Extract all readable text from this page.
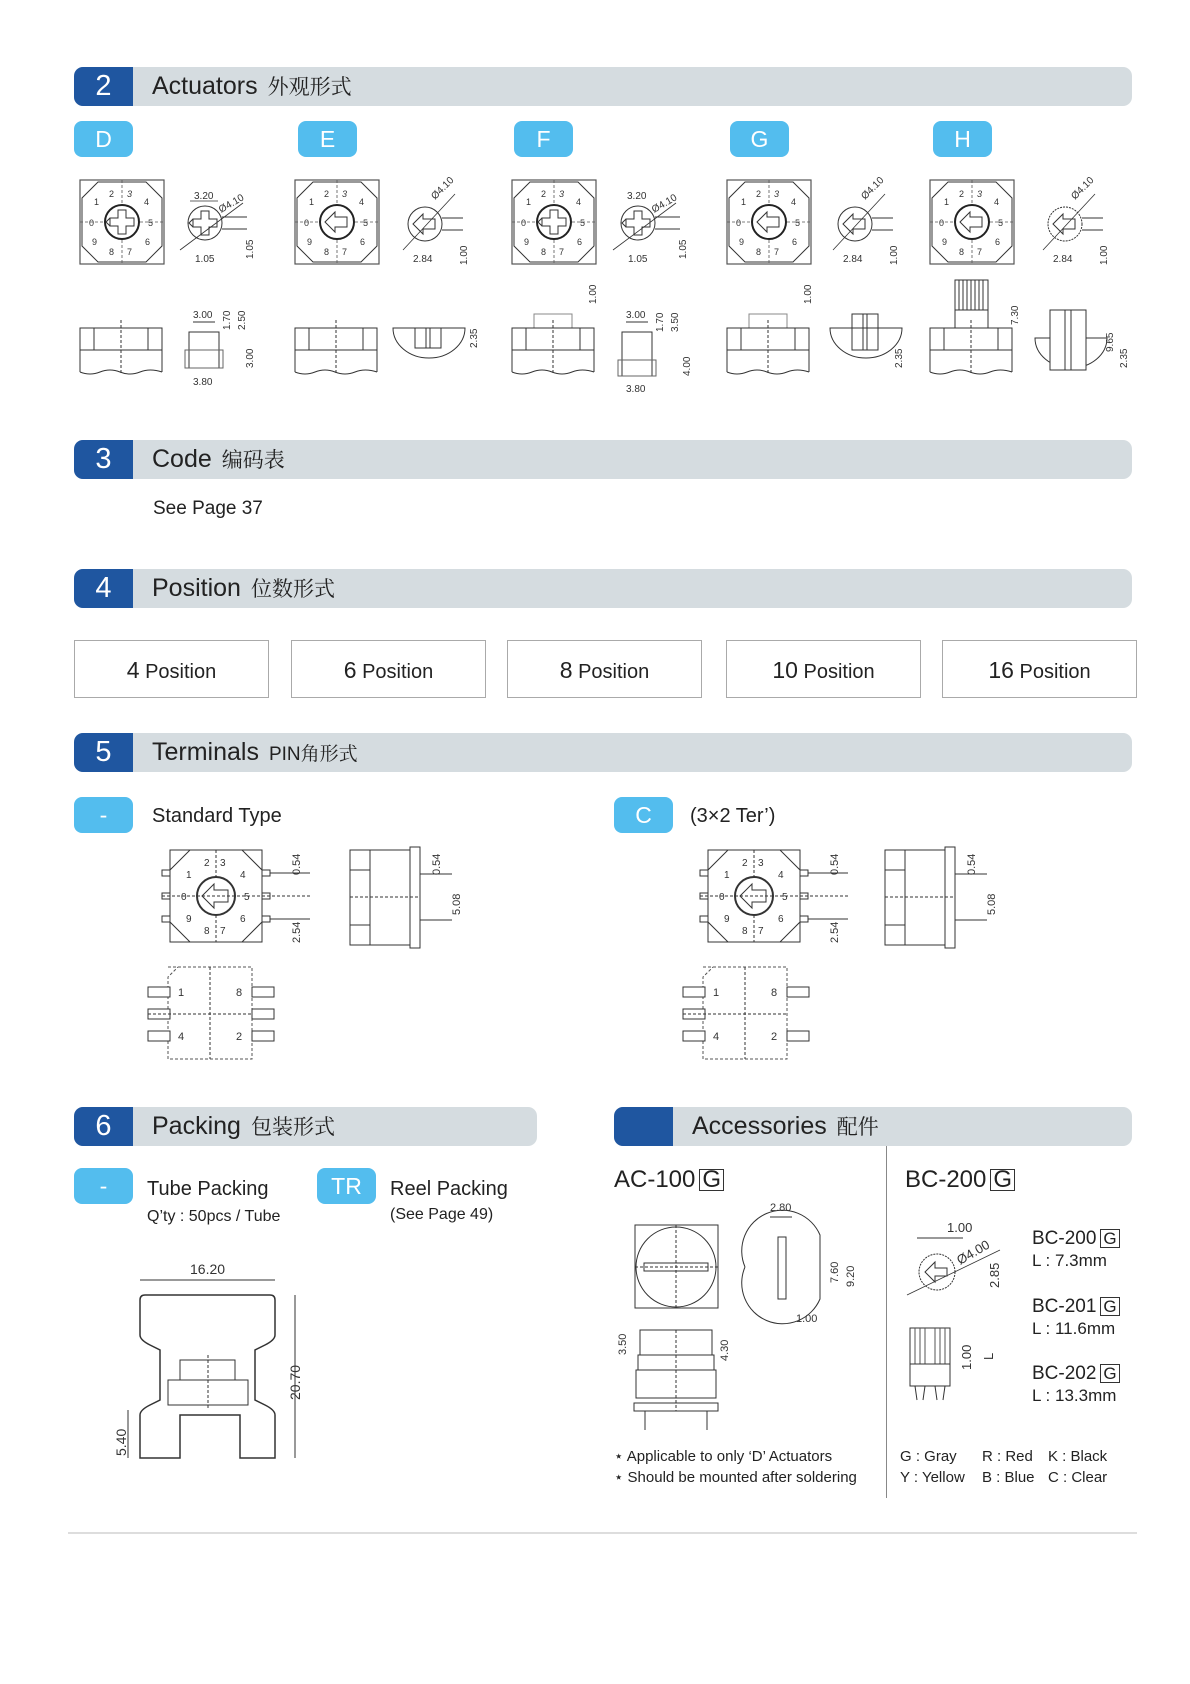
2	Actuators 外观形式
D	E	F	G	H
2	3
1	4
0	5
9	6
8	7
3.20 Ø4.10
1.05
1.05
3.00 1.70 2.50
3.00
3.80
Ø4.10
2.84	1.00
2.35
3.20 Ø4.10
1.05
1.05
1.00
3.00 1.70 3.50
4.00
3.80
Ø4.10
2.84	1.00
1.00
2.35
Ø4.10
2.84	1.00
7.30
9.65
2.35
3	Code 编码表
See Page 37
4	Position 位数形式
4 Position	6 Position	8 Position	10 Position	16 Position
5	Terminals PIN角形式
-	Standard Type	C	(3×2 Ter’)
2	3
1	4
0	5
9	6
8	7
1
4
8
2
0.54
2.54
0.54
5.08
0.54
2.54
0.54
5.08
6	Packing 包装形式
-	Tube Packing
Q’ty : 50pcs / Tube
TR	Reel Packing
(See Page 49)
16.20
20.70
5.40
Accessories 配件
AC-100 G	BC-200 G
2.80
7.60 9.20
1.00
3.50	4.30
⋆ Applicable to only ‘D’ Actuators
⋆ Should be mounted after soldering
1.00
Ø4.00
2.85
1.00 L
BC-200 G
L : 7.3mm
BC-201 G
L : 11.6mm
BC-202 G
L : 13.3mm
G : Gray R : Red K : Black
Y : Yellow B : Blue C : Clear
